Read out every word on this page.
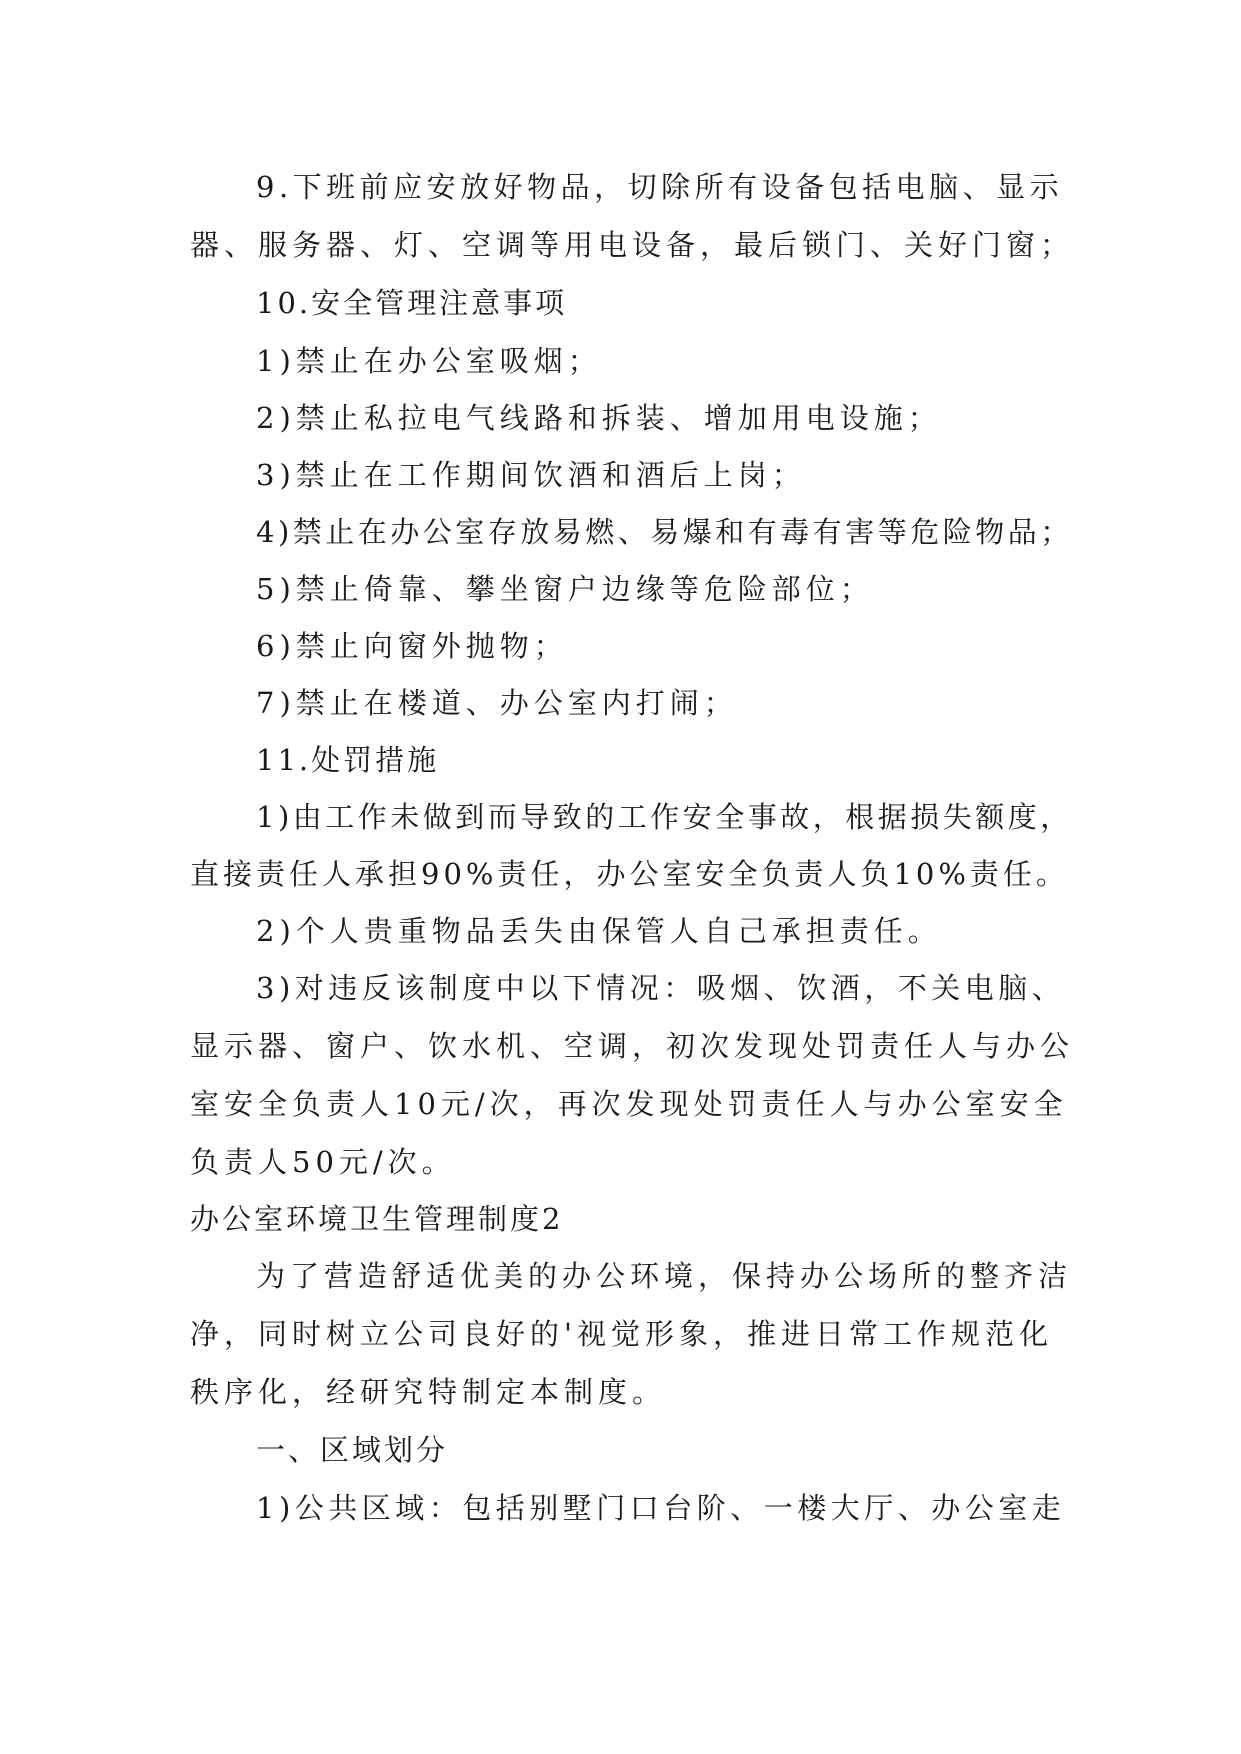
9.下班前应安放好物品，切除所有设备包括电脑、显示
器、服务器、灯、空调等用电设备，最后锁门、关好门窗；
10.安全管理注意事项
1)禁止在办公室吸烟；
2)禁止私拉电气线路和拆装、增加用电设施；
3)禁止在工作期间饮酒和酒后上岗；
4)禁止在办公室存放易燃、易爆和有毒有害等危险物品；
5)禁止倚靠、攀坐窗户边缘等危险部位；
6)禁止向窗外抛物；
7)禁止在楼道、办公室内打闹；
11.处罚措施
1)由工作未做到而导致的工作安全事故，根据损失额度，
直接责任人承担90%责任，办公室安全负责人负10%责任。
2)个人贵重物品丢失由保管人自己承担责任。
3)对违反该制度中以下情况：吸烟、饮酒，不关电脑、
显示器、窗户、饮水机、空调，初次发现处罚责任人与办公
室安全负责人10元/次，再次发现处罚责任人与办公室安全
负责人50元/次。
办公室环境卫生管理制度2
为了营造舒适优美的办公环境，保持办公场所的整齐洁
净，同时树立公司良好的'视觉形象，推进日常工作规范化
秩序化，经研究特制定本制度。
一、区域划分
1)公共区域：包括别墅门口台阶、一楼大厅、办公室走
